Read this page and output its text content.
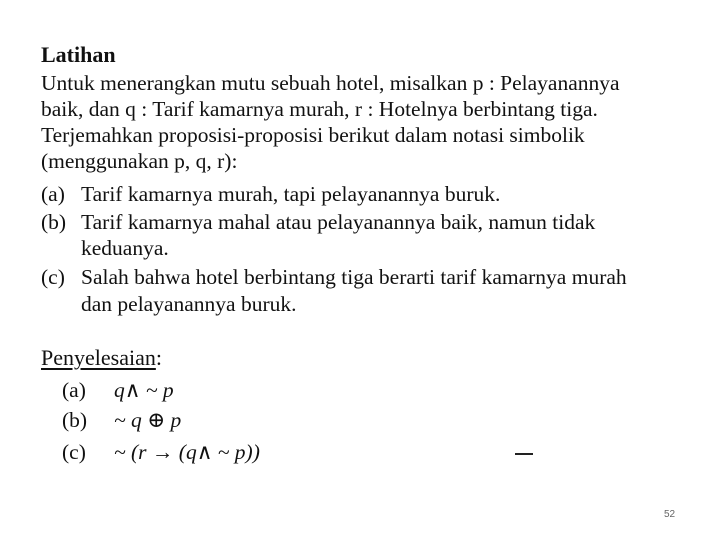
Latihan
Untuk menerangkan mutu sebuah hotel, misalkan p : Pelayanannya
baik, dan q : Tarif kamarnya murah, r : Hotelnya berbintang tiga.
Terjemahkan proposisi-proposisi berikut dalam notasi simbolik
(menggunakan p, q, r):
(a) Tarif kamarnya murah, tapi pelayanannya buruk.
(b) Tarif kamarnya mahal atau pelayanannya baik, namun tidak
keduanya.
(c) Salah bahwa hotel berbintang tiga berarti tarif kamarnya murah
dan pelayanannya buruk.
Penyelesaian:
(a) q∧ ~ p
(b) ~ q ⊕ p
(c) ~ (r → (q∧ ~ p))
52
